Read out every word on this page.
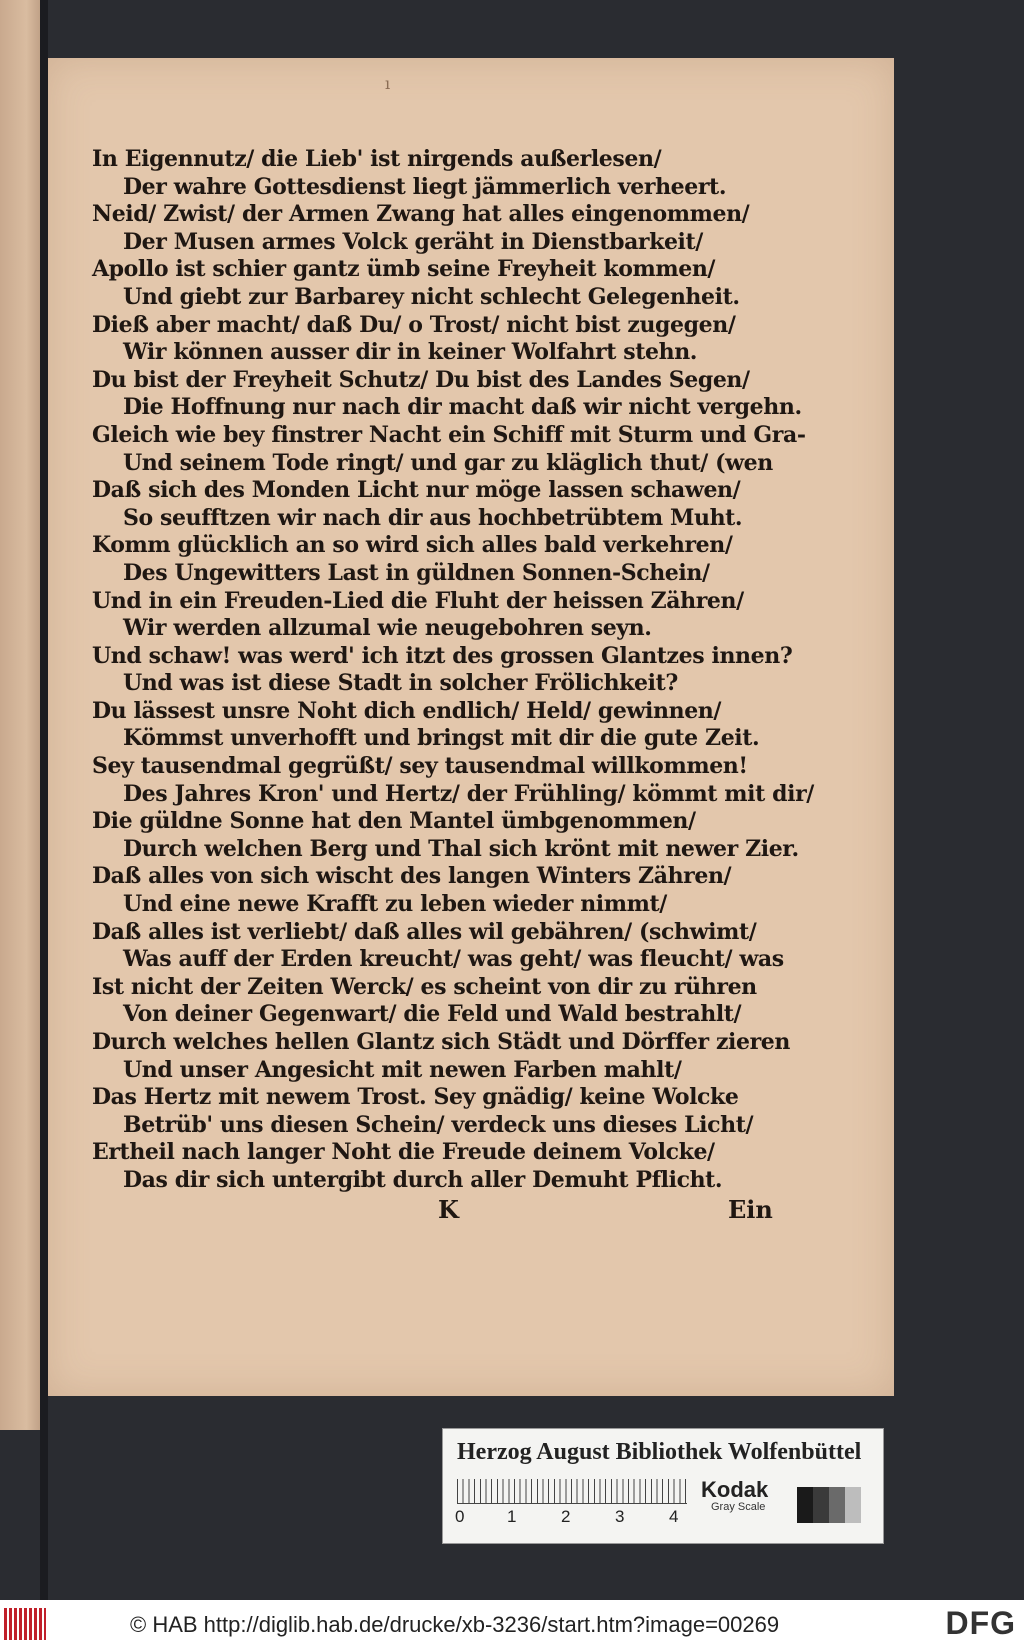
ı
In Eigennutz/ die Lieb' ist nirgends außerlesen/
Der wahre Gottesdienst liegt jämmerlich verheert.
Neid/ Zwist/ der Armen Zwang hat alles eingenommen/
Der Musen armes Volck geräht in Dienstbarkeit/
Apollo ist schier gantz ümb seine Freyheit kommen/
Und giebt zur Barbarey nicht schlecht Gelegenheit.
Dieß aber macht/ daß Du/ o Trost/ nicht bist zugegen/
Wir können ausser dir in keiner Wolfahrt stehn.
Du bist der Freyheit Schutz/ Du bist des Landes Segen/
Die Hoffnung nur nach dir macht daß wir nicht vergehn.
Gleich wie bey finstrer Nacht ein Schiff mit Sturm und Gra-
Und seinem Tode ringt/ und gar zu kläglich thut/ (wen
Daß sich des Monden Licht nur möge lassen schawen/
So seufftzen wir nach dir aus hochbetrübtem Muht.
Komm glücklich an so wird sich alles bald verkehren/
Des Ungewitters Last in güldnen Sonnen-Schein/
Und in ein Freuden-Lied die Fluht der heissen Zähren/
Wir werden allzumal wie neugebohren seyn.
Und schaw! was werd' ich itzt des grossen Glantzes innen?
Und was ist diese Stadt in solcher Frölichkeit?
Du lässest unsre Noht dich endlich/ Held/ gewinnen/
Kömmst unverhofft und bringst mit dir die gute Zeit.
Sey tausendmal gegrüßt/ sey tausendmal willkommen!
Des Jahres Kron' und Hertz/ der Frühling/ kömmt mit dir/
Die güldne Sonne hat den Mantel ümbgenommen/
Durch welchen Berg und Thal sich krönt mit newer Zier.
Daß alles von sich wischt des langen Winters Zähren/
Und eine newe Krafft zu leben wieder nimmt/
Daß alles ist verliebt/ daß alles wil gebähren/ (schwimt/
Was auff der Erden kreucht/ was geht/ was fleucht/ was
Ist nicht der Zeiten Werck/ es scheint von dir zu rühren
Von deiner Gegenwart/ die Feld und Wald bestrahlt/
Durch welches hellen Glantz sich Städt und Dörffer zieren
Und unser Angesicht mit newen Farben mahlt/
Das Hertz mit newem Trost. Sey gnädig/ keine Wolcke
Betrüb' uns diesen Schein/ verdeck uns dieses Licht/
Ertheil nach langer Noht die Freude deinem Volcke/
Das dir sich untergibt durch aller Demuht Pflicht.
K	Ein
Herzog August Bibliothek Wolfenbüttel
0	1	2	3	4
Kodak
Gray Scale
© HAB http://diglib.hab.de/drucke/xb-3236/start.htm?image=00269	DFG
